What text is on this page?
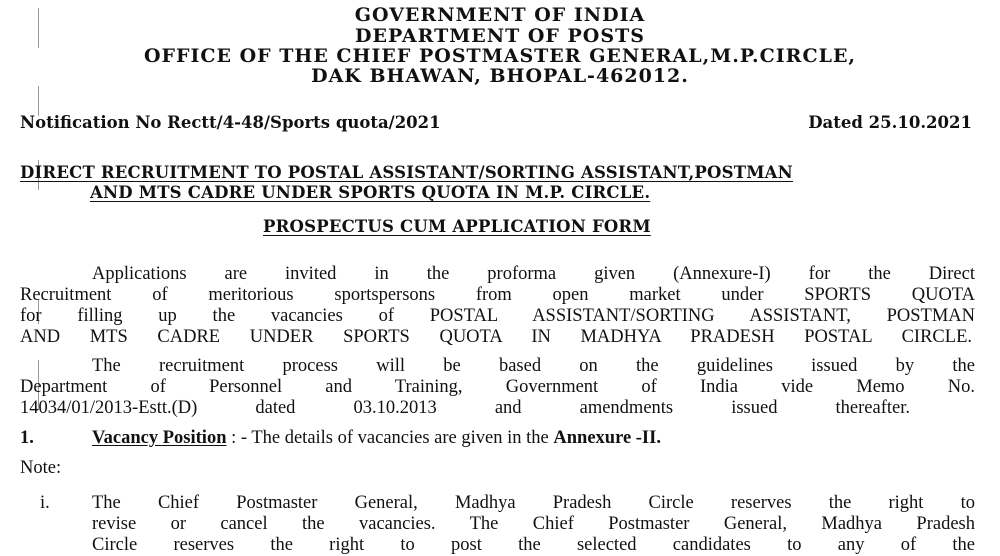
GOVERNMENT OF INDIA
DEPARTMENT OF POSTS
OFFICE OF THE CHIEF POSTMASTER GENERAL,M.P.CIRCLE,
DAK BHAWAN, BHOPAL-462012.
Notification No Rectt/4-48/Sports quota/2021	Dated 25.10.2021
DIRECT RECRUITMENT TO POSTAL ASSISTANT/SORTING ASSISTANT,POSTMAN
AND MTS CADRE UNDER SPORTS QUOTA IN M.P. CIRCLE.
PROSPECTUS CUM APPLICATION FORM
Applications are invited in the proforma given (Annexure-I) for the Direct
Recruitment of meritorious sportspersons from open market under SPORTS QUOTA
for filling up the vacancies of POSTAL ASSISTANT/SORTING ASSISTANT, POSTMAN
AND MTS CADRE UNDER SPORTS QUOTA IN MADHYA PRADESH POSTAL CIRCLE.
The recruitment process will be based on the guidelines issued by the
Department of Personnel and Training, Government of India vide Memo No.
14034/01/2013-Estt.(D) dated 03.10.2013 and amendments issued thereafter.
1.	Vacancy Position : - The details of vacancies are given in the Annexure -II.
Note:
i. The Chief Postmaster General, Madhya Pradesh Circle reserves the right to
revise or cancel the vacancies. The Chief Postmaster General, Madhya Pradesh
Circle reserves the right to post the selected candidates to any of the
